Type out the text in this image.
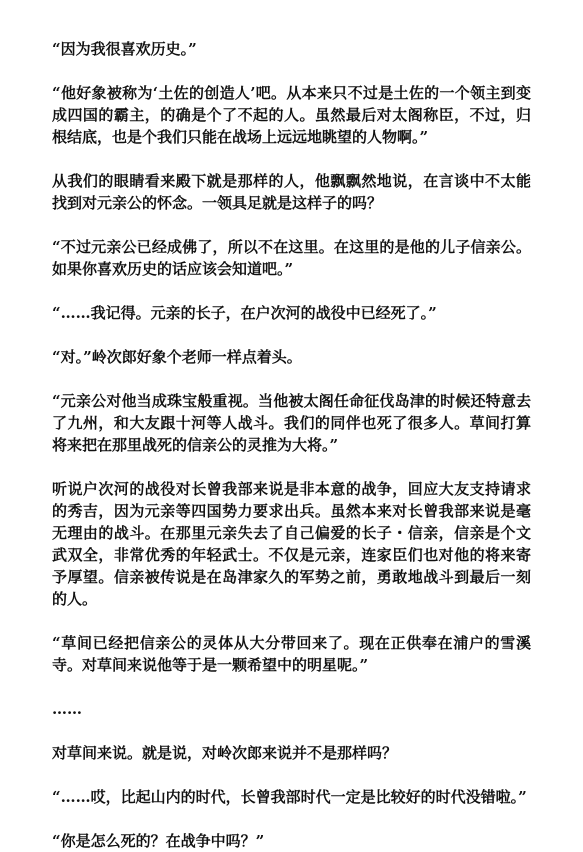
“因为我很喜欢历史。”

“他好象被称为‘土佐的创造人’吧。从本来只不过是土佐的一个领主到变成四国的霸主，的确是个了不起的人。虽然最后对太阁称臣，不过，归根结底，也是个我们只能在战场上远远地眺望的人物啊。”

从我们的眼睛看来殿下就是那样的人，他飘飘然地说，在言谈中不太能找到对元亲公的怀念。一领具足就是这样子的吗？

“不过元亲公已经成佛了，所以不在这里。在这里的是他的儿子信亲公。如果你喜欢历史的话应该会知道吧。”

“……我记得。元亲的长子，在户次河的战役中已经死了。”

“对。”岭次郎好象个老师一样点着头。

“元亲公对他当成珠宝般重视。当他被太阁任命征伐岛津的时候还特意去了九州，和大友跟十河等人战斗。我们的同伴也死了很多人。草间打算将来把在那里战死的信亲公的灵推为大将。”

听说户次河的战役对长曾我部来说是非本意的战争，回应大友支持请求的秀吉，因为元亲等四国势力要求出兵。虽然本来对长曾我部来说是毫无理由的战斗。在那里元亲失去了自己偏爱的长子・信亲，信亲是个文武双全，非常优秀的年轻武士。不仅是元亲，连家臣们也对他的将来寄予厚望。信亲被传说是在岛津家久的军势之前，勇敢地战斗到最后一刻的人。

“草间已经把信亲公的灵体从大分带回来了。现在正供奉在浦户的雪溪寺。对草间来说他等于是一颗希望中的明星呢。”

……

对草间来说。就是说，对岭次郎来说并不是那样吗？

“……哎，比起山内的时代，长曾我部时代一定是比较好的时代没错啦。”

“你是怎么死的？在战争中吗？”
